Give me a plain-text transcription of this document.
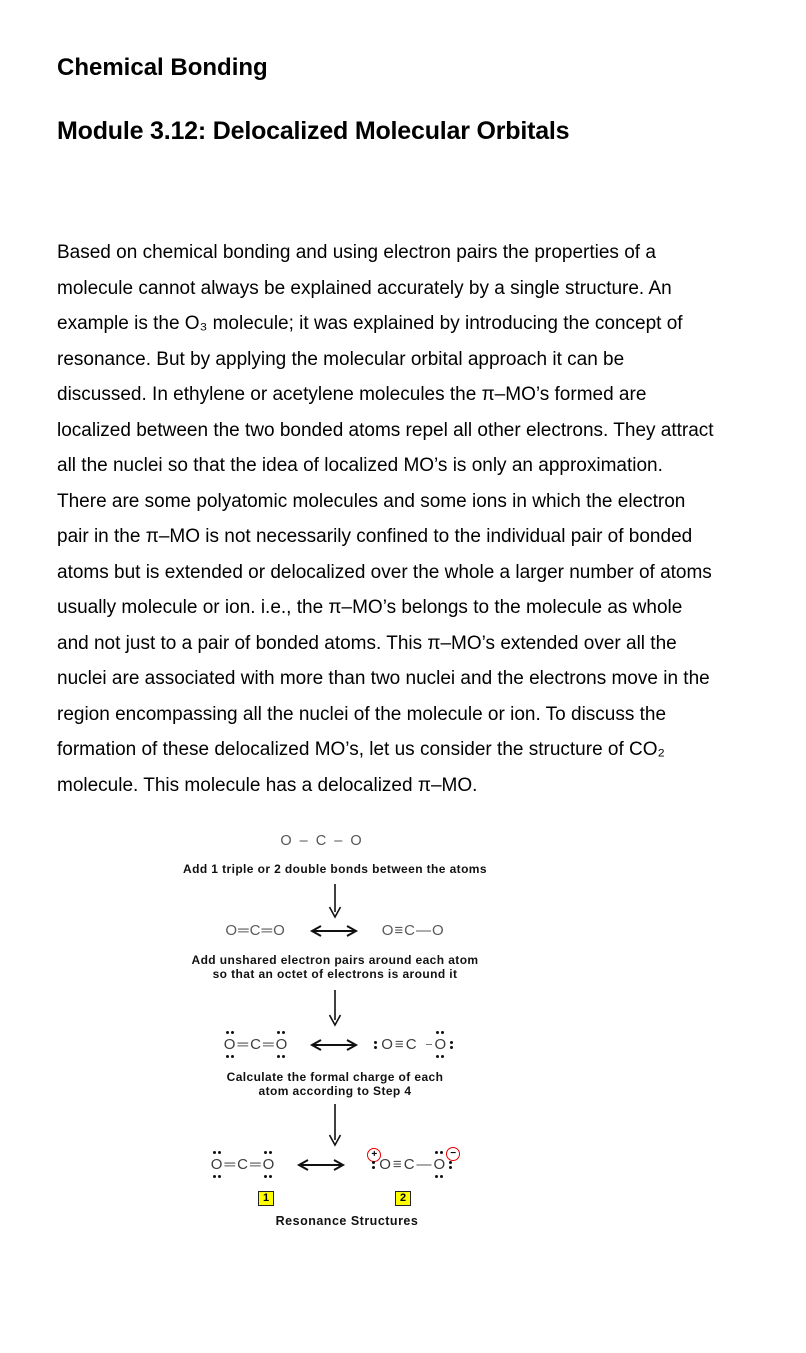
Chemical Bonding
Module 3.12: Delocalized Molecular Orbitals
Based on chemical bonding and using electron pairs the properties of a
molecule cannot always be explained accurately by a single structure. An
example is the O₃ molecule; it was explained by introducing the concept of
resonance. But by applying the molecular orbital approach it can be
discussed. In ethylene or acetylene molecules the π–MO’s formed are
localized between the two bonded atoms repel all other electrons. They attract
all the nuclei so that the idea of localized MO’s is only an approximation.
There are some polyatomic molecules and some ions in which the electron
pair in the π–MO is not necessarily confined to the individual pair of bonded
atoms but is extended or delocalized over the whole a larger number of atoms
usually molecule or ion. i.e., the π–MO’s belongs to the molecule as whole
and not just to a pair of bonded atoms. This π–MO’s extended over all the
nuclei are associated with more than two nuclei and the electrons move in the
region encompassing all the nuclei of the molecule or ion. To discuss the
formation of these delocalized MO’s, let us consider the structure of CO₂
molecule. This molecule has a delocalized π–MO.
O – C – O
Add 1 triple or 2 double bonds between the atoms
O═C═O	O≡C—O
Add unshared electron pairs around each atom
so that an octet of electrons is around it
O ═ C ═ O	O ≡ C O
Calculate the formal charge of each
atom according to Step 4
O ═ C ═ O
+
O ≡ C — O
−
1	2
Resonance Structures
